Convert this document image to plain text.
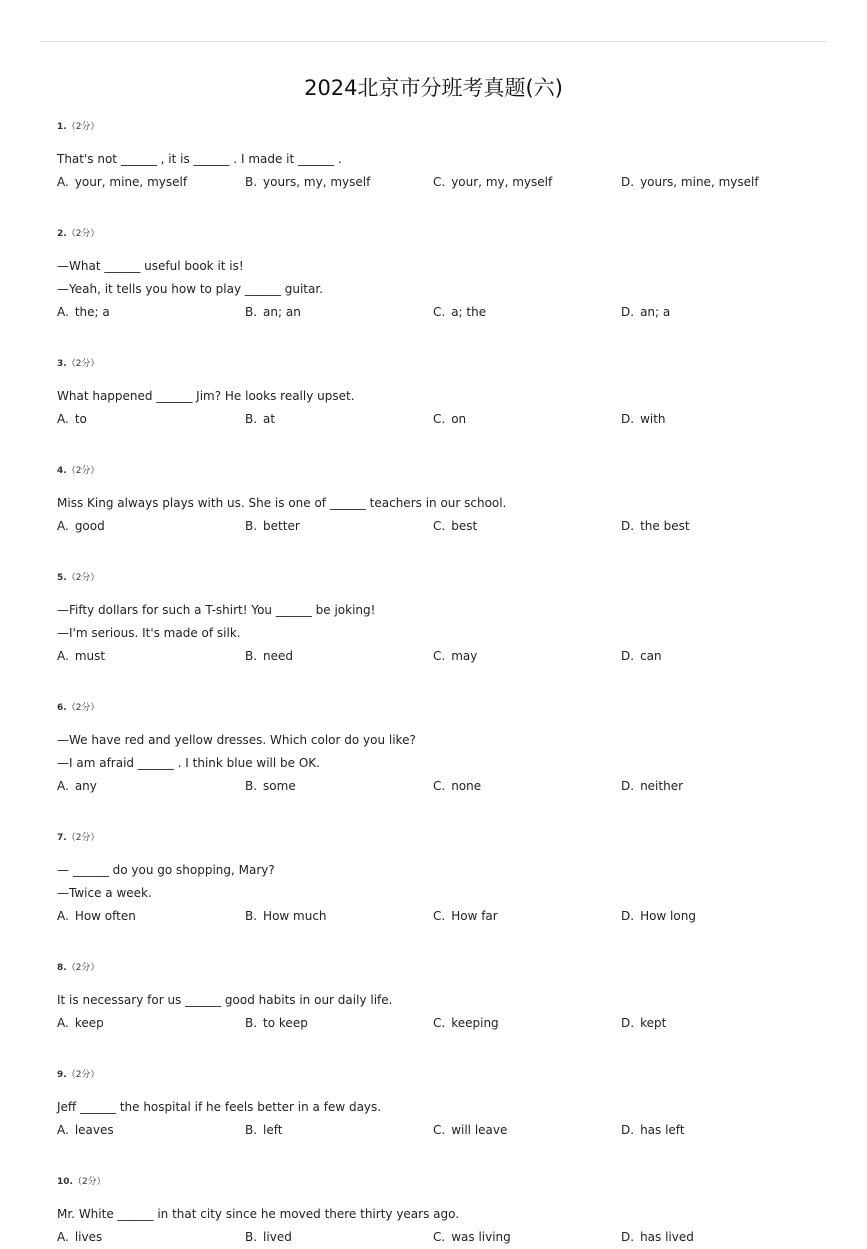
2024北京市分班考真题(六)
1.（2分）
That's not ______ , it is ______ . I made it ______ .
A. your, mine, myself	B. yours, my, myself	C. your, my, myself	D. yours, mine, myself
2.（2分）
—What ______ useful book it is!
—Yeah, it tells you how to play ______ guitar.
A. the; a	B. an; an	C. a; the	D. an; a
3.（2分）
What happened ______ Jim? He looks really upset.
A. to	B. at	C. on	D. with
4.（2分）
Miss King always plays with us. She is one of ______ teachers in our school.
A. good	B. better	C. best	D. the best
5.（2分）
—Fifty dollars for such a T-shirt! You ______ be joking!
—I'm serious. It's made of silk.
A. must	B. need	C. may	D. can
6.（2分）
—We have red and yellow dresses. Which color do you like?
—I am afraid ______ . I think blue will be OK.
A. any	B. some	C. none	D. neither
7.（2分）
— ______ do you go shopping, Mary?
—Twice a week.
A. How often	B. How much	C. How far	D. How long
8.（2分）
It is necessary for us ______ good habits in our daily life.
A. keep	B. to keep	C. keeping	D. kept
9.（2分）
Jeff ______ the hospital if he feels better in a few days.
A. leaves	B. left	C. will leave	D. has left
10.（2分）
Mr. White ______ in that city since he moved there thirty years ago.
A. lives	B. lived	C. was living	D. has lived
